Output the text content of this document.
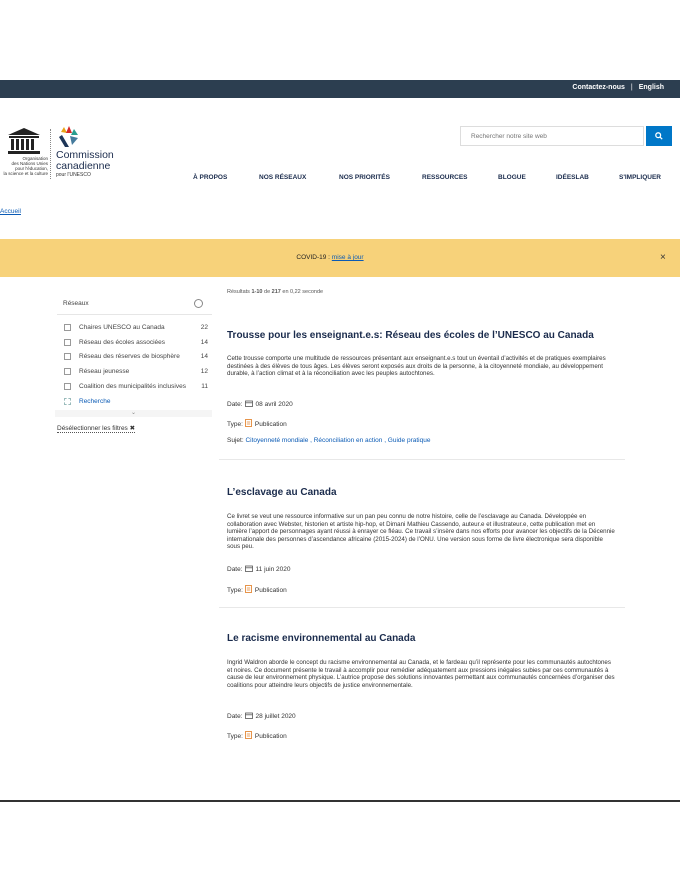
Contactez-nous | English
Organisation
des Nations Unies
pour l'éducation,
la science et la culture
Commission
canadienne
pour l'UNESCO
Rechercher notre site web	À PROPOS	NOS RÉSEAUX	NOS PRIORITÉS	RESSOURCES	BLOGUE	IDÉESLAB	S'IMPLIQUER
Accueil
COVID-19 : mise à jour	×
Réseaux
Chaires UNESCO au Canada	22
Réseau des écoles associées	14
Réseau des réserves de biosphère	14
Réseau jeunesse	12
Coalition des municipalités inclusives	11
Recherche
⌄
Désélectionner les filtres ✖
Résultats 1-10 de 217 en 0,22 seconde
Trousse pour les enseignant.e.s: Réseau des écoles de l’UNESCO au Canada
Cette trousse comporte une multitude de ressources présentant aux enseignant.e.s tout un éventail d’activités et de pratiques exemplaires destinées à des élèves de tous âges. Les élèves seront exposés aux droits de la personne, à la citoyenneté mondiale, au développement durable, à l’action climat et à la réconciliation avec les peuples autochtones.
Date: 08 avril 2020
Type: Publication
Sujet: Citoyenneté mondiale , Réconciliation en action , Guide pratique
L’esclavage au Canada
Ce livret se veut une ressource informative sur un pan peu connu de notre histoire, celle de l’esclavage au Canada. Développée en collaboration avec Webster, historien et artiste hip-hop, et Dimani Mathieu Cassendo, auteur.e et illustrateur.e, cette publication met en lumière l’apport de personnages ayant réussi à enrayer ce fléau. Ce travail s’insère dans nos efforts pour avancer les objectifs de la Décennie internationale des personnes d’ascendance africaine (2015-2024) de l’ONU. Une version sous forme de livre électronique sera disponible sous peu.
Date: 11 juin 2020
Type: Publication
Le racisme environnemental au Canada
Ingrid Waldron aborde le concept du racisme environnemental au Canada, et le fardeau qu’il représente pour les communautés autochtones et noires. Ce document présente le travail à accomplir pour remédier adéquatement aux pressions inégales subies par ces communautés à cause de leur environnement physique. L’autrice propose des solutions innovantes permettant aux communautés concernées d’organiser des coalitions pour atteindre leurs objectifs de justice environnementale.
Date: 28 juillet 2020
Type: Publication
